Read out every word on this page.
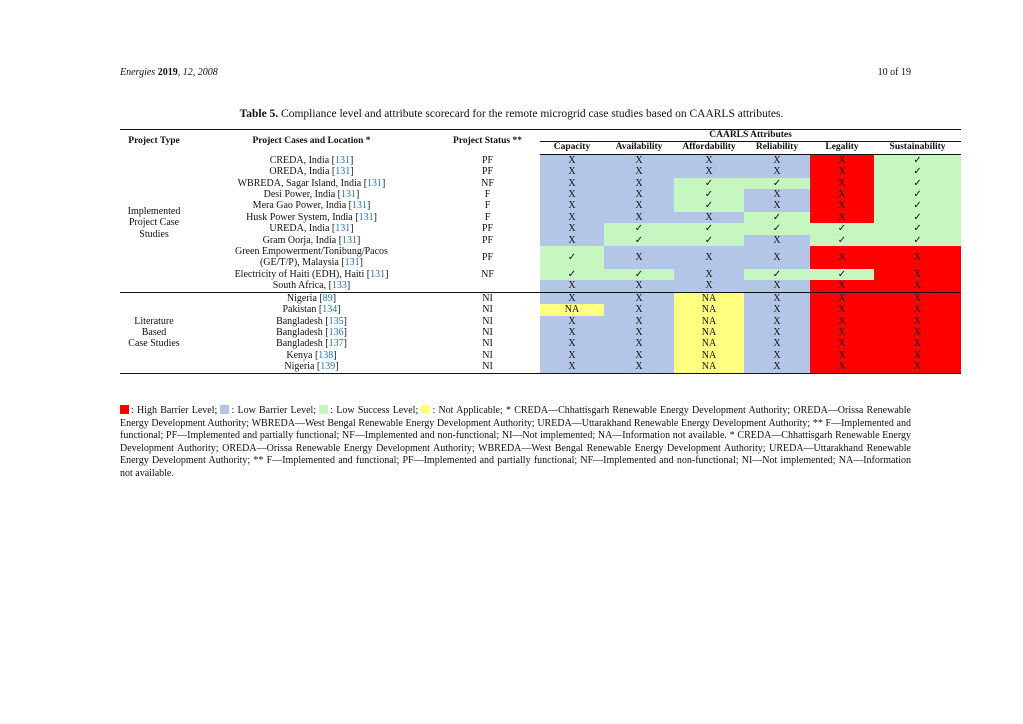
Energies 2019, 12, 2008	10 of 19
Table 5. Compliance level and attribute scorecard for the remote microgrid case studies based on CAARLS attributes.
Project Type	Project Cases and Location *		Project Status **	CAARLS Attributes					
			Capacity	Availability	Affordability	Reliability	Legality	Sustainability

Implemented
Project Case
Studies	CREDA, India [131]		PF	X	X	X	X	X	✓
	OREDA, India [131]		PF	X	X	X	X	X	✓
	WBREDA, Sagar Island, India [131]		NF	X	X	✓	✓	X	✓
	Desi Power, India [131]		F	X	X	✓	X	X	✓
	Mera Gao Power, India [131]		F	X	X	✓	X	X	✓
	Husk Power System, India [131]		F	X	X	X	✓	X	✓
	UREDA, India [131]		PF	X	✓	✓	✓	✓	✓
	Gram Oorja, India [131]		PF	X	✓	✓	X	✓	✓

	Green Empowerment/Tonibung/Pacos
(GE/T/P), Malaysia [131]		PF	✓	X	X	X	X	X
	Electricity of Haiti (EDH), Haiti [131]		NF	✓	✓	X	✓	✓	X
	South Africa, [133]			X	X	X	X	X	X

Literature Based
Case Studies	Nigeria [89]		NI	X	X	NA	X	X	X
	Pakistan [134]		NI	NA	X	NA	X	X	X
	Bangladesh [135]		NI	X	X	NA	X	X	X
	Bangladesh [136]		NI	X	X	NA	X	X	X
	Bangladesh [137]		NI	X	X	NA	X	X	X
	Kenya [138]		NI	X	X	NA	X	X	X
	Nigeria [139]		NI	X	X	NA	X	X	X
: High Barrier Level; : Low Barrier Level; : Low Success Level; : Not Applicable; * CREDA—Chhattisgarh Renewable Energy Development Authority; OREDA—Orissa Renewable Energy Development Authority; WBREDA—West Bengal Renewable Energy Development Authority; UREDA—Uttarakhand Renewable Energy Development Authority; ** F—Implemented and functional; PF—Implemented and partially functional; NF—Implemented and non-functional; NI—Not implemented; NA—Information not available. * CREDA—Chhattisgarh Renewable Energy Development Authority; OREDA—Orissa Renewable Energy Development Authority; WBREDA—West Bengal Renewable Energy Development Authority; UREDA—Uttarakhand Renewable Energy Development Authority; ** F—Implemented and functional; PF—Implemented and partially functional; NF—Implemented and non-functional; NI—Not implemented; NA—Information not available.
